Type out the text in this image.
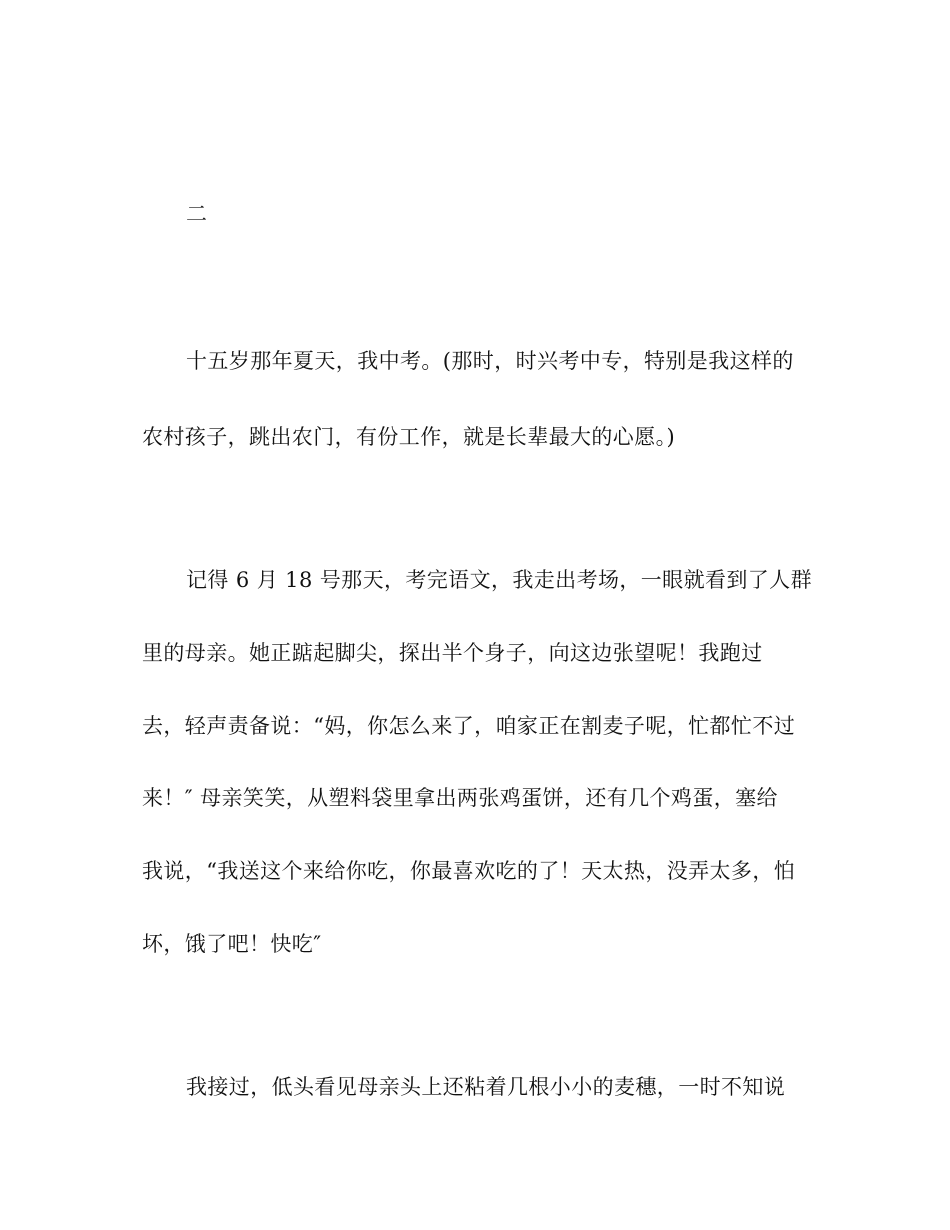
二
十五岁那年夏天，我中考。(那时，时兴考中专，特别是我这样的
农村孩子，跳出农门，有份工作，就是长辈最大的心愿。)
记得 6 月 18 号那天，考完语文，我走出考场，一眼就看到了人群
里的母亲。她正踮起脚尖，探出半个身子，向这边张望呢！我跑过
去，轻声责备说：“妈，你怎么来了，咱家正在割麦子呢，忙都忙不过
来！″ 母亲笑笑，从塑料袋里拿出两张鸡蛋饼，还有几个鸡蛋，塞给
我说，“我送这个来给你吃，你最喜欢吃的了！天太热，没弄太多，怕
坏，饿了吧！快吃″
我接过，低头看见母亲头上还粘着几根小小的麦穗，一时不知说
